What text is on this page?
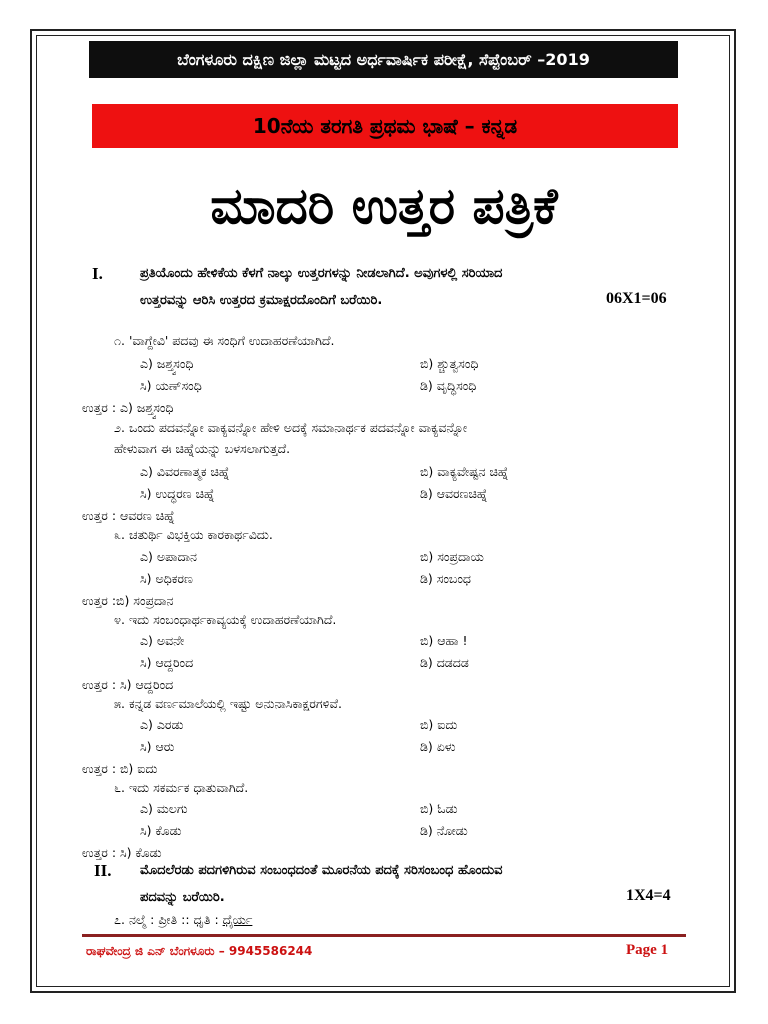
ಬೆಂಗಳೂರು ದಕ್ಷಿಣ ಜಿಲ್ಲಾ ಮಟ್ಟದ ಅರ್ಧವಾರ್ಷಿಕ ಪರೀಕ್ಷೆ, ಸೆಪ್ಟೆಂಬರ್ –2019
10ನೆಯ ತರಗತಿ ಪ್ರಥಮ ಭಾಷೆ – ಕನ್ನಡ
ಮಾದರಿ ಉತ್ತರ ಪತ್ರಿಕೆ
I.	ಪ್ರತಿಯೊಂದು ಹೇಳಿಕೆಯ ಕೆಳಗೆ ನಾಲ್ಕು ಉತ್ತರಗಳನ್ನು ನೀಡಲಾಗಿದೆ. ಅವುಗಳಲ್ಲಿ ಸರಿಯಾದ
ಉತ್ತರವನ್ನು ಆರಿಸಿ ಉತ್ತರದ ಕ್ರಮಾಕ್ಷರದೊಂದಿಗೆ ಬರೆಯಿರಿ.	06X1=06
೧. 'ವಾಗ್ದೇವಿ' ಪದವು ಈ ಸಂಧಿಗೆ ಉದಾಹರಣೆಯಾಗಿದೆ.
ಎ) ಜಶ್ತ್ವಸಂಧಿ	ಬಿ) ಶ್ಚುತ್ವಸಂಧಿ
ಸಿ) ಯಣ್‌ಸಂಧಿ	ಡಿ) ವೃದ್ಧಿಸಂಧಿ
ಉತ್ತರ : ಎ) ಜಶ್ತ್ವಸಂಧಿ
೨. ಒಂದು ಪದವನ್ನೋ ವಾಕ್ಯವನ್ನೋ ಹೇಳಿ ಅದಕ್ಕೆ ಸಮಾನಾರ್ಥಕ ಪದವನ್ನೋ ವಾಕ್ಯವನ್ನೋ
ಹೇಳುವಾಗ ಈ ಚಿಹ್ನೆಯನ್ನು ಬಳಸಲಾಗುತ್ತದೆ.
ಎ) ವಿವರಣಾತ್ಮಕ ಚಿಹ್ನೆ	ಬಿ) ವಾಕ್ಯವೇಷ್ಟನ ಚಿಹ್ನೆ
ಸಿ) ಉದ್ಧರಣ ಚಿಹ್ನೆ	ಡಿ) ಆವರಣಚಿಹ್ನೆ
ಉತ್ತರ : ಆವರಣ ಚಿಹ್ನೆ
೩. ಚತುರ್ಥಿ ವಿಭಕ್ತಿಯ ಕಾರಕಾರ್ಥವಿದು.
ಎ) ಅಪಾದಾನ	ಬಿ) ಸಂಪ್ರದಾಯ
ಸಿ) ಅಧಿಕರಣ	ಡಿ) ಸಂಬಂಧ
ಉತ್ತರ :ಬಿ) ಸಂಪ್ರದಾನ
೪. ಇದು ಸಂಬಂಧಾರ್ಥಕಾವ್ಯಯಕ್ಕೆ ಉದಾಹರಣೆಯಾಗಿದೆ.
ಎ) ಅವನೇ	ಬಿ) ಆಹಾ !
ಸಿ) ಆದ್ದರಿಂದ	ಡಿ) ದಡದಡ
ಉತ್ತರ : ಸಿ) ಆದ್ದರಿಂದ
೫. ಕನ್ನಡ ವರ್ಣಮಾಲೆಯಲ್ಲಿ ಇಷ್ಟು ಅನುನಾಸಿಕಾಕ್ಷರಗಳಿವೆ.
ಎ) ಎರಡು	ಬಿ) ಐದು
ಸಿ) ಆರು	ಡಿ) ಏಳು
ಉತ್ತರ : ಬಿ) ಐದು
೬. ಇದು ಸಕರ್ಮಕ ಧಾತುವಾಗಿದೆ.
ಎ) ಮಲಗು	ಬಿ) ಓಡು
ಸಿ) ಕೊಡು	ಡಿ) ನೋಡು
ಉತ್ತರ : ಸಿ) ಕೊಡು
II. ಮೊದಲೆರಡು ಪದಗಳಿಗಿರುವ ಸಂಬಂಧದಂತೆ ಮೂರನೆಯ ಪದಕ್ಕೆ ಸರಿಸಂಬಂಧ ಹೊಂದುವ
ಪದವನ್ನು ಬರೆಯಿರಿ.	1X4=4
೭. ನಲ್ಮೆ : ಪ್ರೀತಿ :: ಧೃತಿ : ಧೈರ್ಯ
ರಾಘವೇಂದ್ರ ಜಿ ಎನ್ ಬೆಂಗಳೂರು – 9945586244	Page 1
